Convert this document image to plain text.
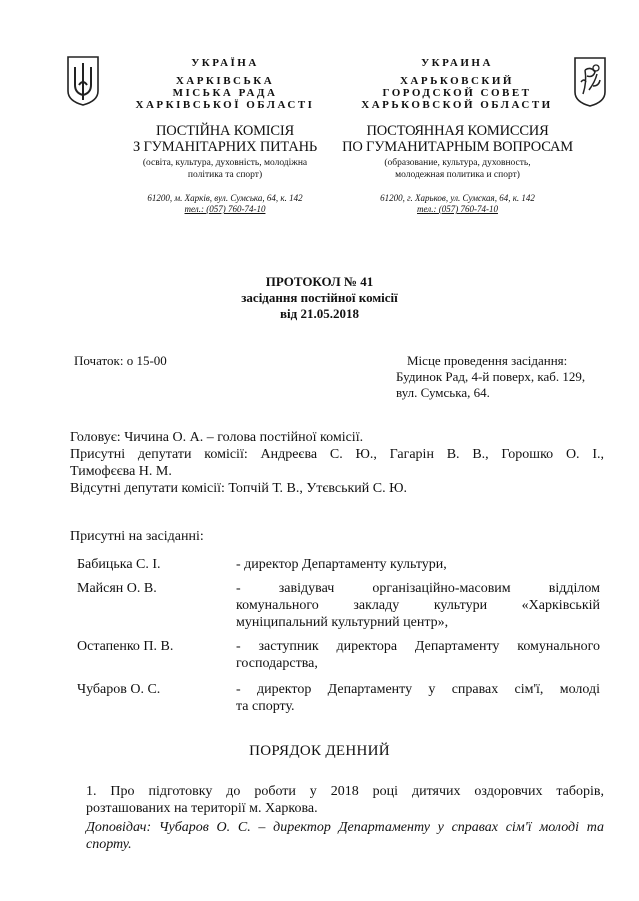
УКРАЇНА
ХАРКІВСЬКА
МІСЬКА РАДА
ХАРКІВСЬКОЇ ОБЛАСТІ
ПОСТІЙНА КОМІСІЯ
З ГУМАНІТАРНИХ ПИТАНЬ
(освіта, культура, духовність, молодіжна
політика та спорт)
61200, м. Харків, вул. Сумська, 64, к. 142
тел.: (057) 760-74-10
УКРАИНА
ХАРЬКОВСКИЙ
ГОРОДСКОЙ СОВЕТ
ХАРЬКОВСКОЙ ОБЛАСТИ
ПОСТОЯННАЯ КОМИССИЯ
ПО ГУМАНИТАРНЫМ ВОПРОСАМ
(образование, культура, духовность,
молодежная политика и спорт)
61200, г. Харьков, ул. Сумская, 64, к. 142
тел.: (057) 760-74-10
ПРОТОКОЛ № 41
засідання постійної комісії
від 21.05.2018
Початок: о 15-00	Місце проведення засідання:
Будинок Рад, 4-й поверх, каб. 129,
вул. Сумська, 64.
Головує: Чичина О. А. – голова постійної комісії.
Присутні депутати комісії: Андреєва С. Ю., Гагарін В. В., Горошко О. І.,
Тимофєєва Н. М.
Відсутні депутати комісії: Топчій Т. В., Утєвський С. Ю.
Присутні на засіданні:
Бабицька С. І.	- директор Департаменту культури,
Майсян О. В.	- завідувач організаційно-масовим відділом
комунального закладу культури «Харківській
муніципальний культурний центр»,
Остапенко П. В.	- заступник директора Департаменту комунального
господарства,
Чубаров О. С.	- директор Департаменту у справах сім'ї, молоді
та спорту.
ПОРЯДОК ДЕННИЙ
1. Про підготовку до роботи у 2018 році дитячих оздоровчих таборів,
розташованих на території м. Харкова.
Доповідач: Чубаров О. С. – директор Департаменту у справах сім'ї молоді та
спорту.
